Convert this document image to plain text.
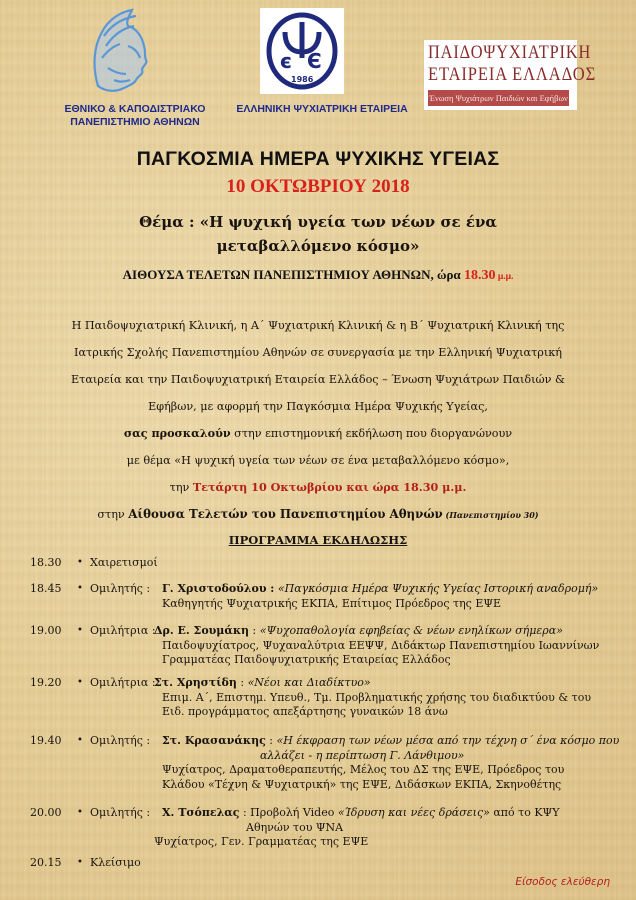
є Є
1986
ΠΑΙΔΟΨΥΧΙΑΤΡΙΚΗ
ΕΤΑΙΡΕΙΑ ΕΛΛΑΔΟΣ
Ένωση Ψυχιάτρων Παιδιών και Εφήβων
ΕΘΝΙΚΟ & ΚΑΠΟΔΙΣΤΡΙΑΚΟ
ΠΑΝΕΠΙΣΤΗΜΙΟ ΑΘΗΝΩΝ
ΕΛΛΗΝΙΚΗ ΨΥΧΙΑΤΡΙΚΗ ΕΤΑΙΡΕΙΑ
ΠΑΓΚΟΣΜΙΑ ΗΜΕΡΑ ΨΥΧΙΚΗΣ ΥΓΕΙΑΣ
10 ΟΚΤΩΒΡΙΟΥ 2018
Θέμα : «Η ψυχική υγεία των νέων σε ένα
μεταβαλλόμενο κόσμο»
ΑΙΘΟΥΣΑ ΤΕΛΕΤΩΝ ΠΑΝΕΠΙΣΤΗΜΙΟΥ ΑΘΗΝΩΝ, ώρα 18.30 μ.μ.
Η Παιδοψυχιατρική Κλινική, η Α΄ Ψυχιατρική Κλινική & η Β΄ Ψυχιατρική Κλινική της
Ιατρικής Σχολής Πανεπιστημίου Αθηνών σε συνεργασία με την Ελληνική Ψυχιατρική
Εταιρεία και την Παιδοψυχιατρική Εταιρεία Ελλάδος – Ένωση Ψυχιάτρων Παιδιών &
Εφήβων, με αφορμή την Παγκόσμια Ημέρα Ψυχικής Υγείας,
σας προσκαλούν στην επιστημονική εκδήλωση που διοργανώνουν
με θέμα «Η ψυχική υγεία των νέων σε ένα μεταβαλλόμενο κόσμο»,
την Τετάρτη 10 Οκτωβρίου και ώρα 18.30 μ.μ.
στην Αίθουσα Τελετών του Πανεπιστημίου Αθηνών (Πανεπιστημίου 30)
ΠΡΟΓΡΑΜΜΑ ΕΚΔΗΛΩΣΗΣ
18.30	• Χαιρετισμοί
18.45	• Ομιλητής : Γ. Χριστοδούλου : «Παγκόσμια Ημέρα Ψυχικής Υγείας Ιστορική αναδρομή»
Καθηγητής Ψυχιατρικής ΕΚΠΑ, Επίτιμος Πρόεδρος της ΕΨΕ
19.00	• Ομιλήτρια :
Δρ. Ε. Σουμάκη : «Ψυχοπαθολογία εφηβείας & νέων ενηλίκων σήμερα»
Παιδοψυχίατρος, Ψυχαναλύτρια ΕΕΨΨ, Διδάκτωρ Πανεπιστημίου Ιωαννίνων
Γραμματέας Παιδοψυχιατρικής Εταιρείας Ελλάδος
19.20	• Ομιλήτρια :
Στ. Χρηστίδη : «Νέοι και Διαδίκτυο»
Επιμ. Α΄, Επιστημ. Υπευθ., Τμ. Προβληματικής χρήσης του διαδικτύου & του
Ειδ. προγράμματος απεξάρτησης γυναικών 18 άνω
19.40	• Ομιλητής : Στ. Κρασανάκης : «Η έκφραση των νέων μέσα από την τέχνη σ΄ ένα κόσμο που
αλλάζει - η περίπτωση Γ. Λάνθιμου»
Ψυχίατρος, Δραματοθεραπευτής, Μέλος του ΔΣ της ΕΨΕ, Πρόεδρος του
Κλάδου «Τέχνη & Ψυχιατρική» της ΕΨΕ, Διδάσκων ΕΚΠΑ, Σκηνοθέτης
20.00	• Ομιλητής : Χ. Τσόπελας : Προβολή Video «Ίδρυση και νέες δράσεις» από το ΚΨΥ
Αθηνών του ΨΝΑ
Ψυχίατρος, Γεν. Γραμματέας της ΕΨΕ
20.15	• Κλείσιμο
Είσοδος ελεύθερη
